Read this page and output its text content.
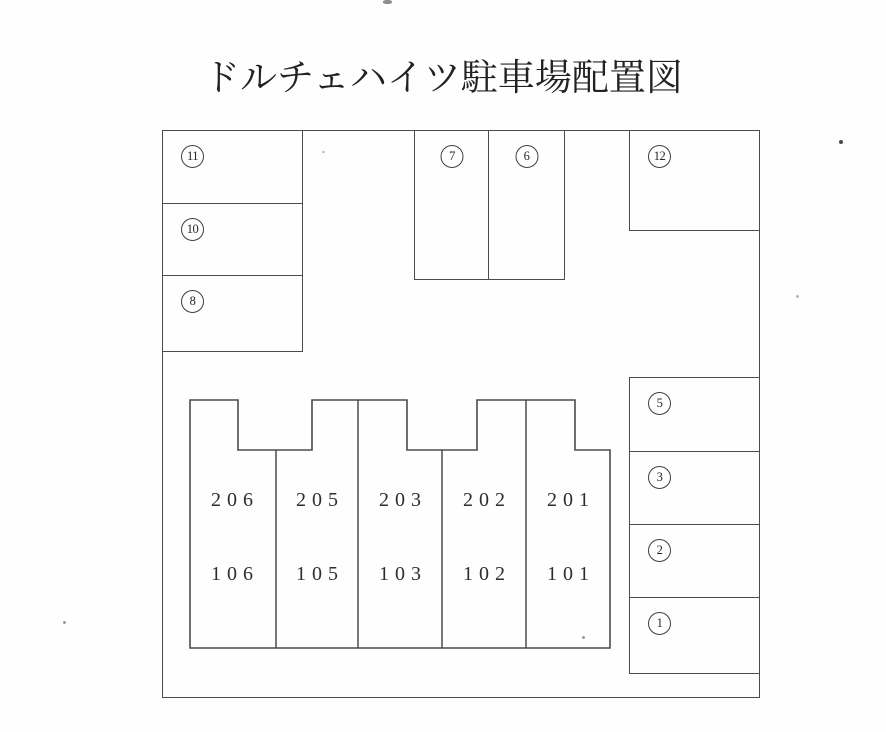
ドルチェハイツ駐車場配置図
11
10
8
7	6	12
5
3
2
1
206	205	203	202	201
106	105	103	102	101
